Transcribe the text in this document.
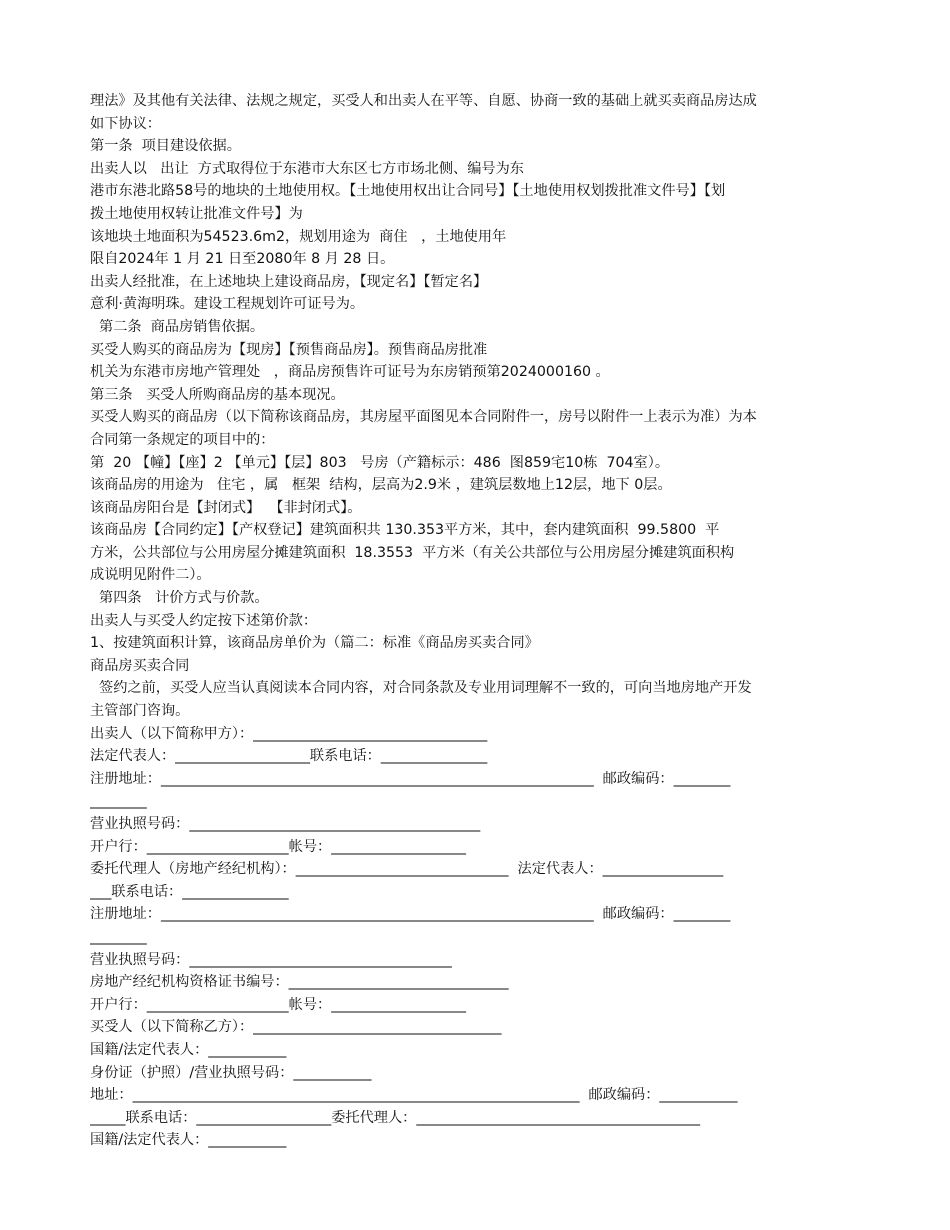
理法》及其他有关法律、法规之规定，买受人和出卖人在平等、自愿、协商一致的基础上就买卖商品房达成
如下协议：
第一条  项目建设依据。
出卖人以   出让  方式取得位于东港市大东区七方市场北侧、编号为东
港市东港北路58号的地块的土地使用权。【土地使用权出让合同号】【土地使用权划拨批准文件号】【划
拨土地使用权转让批准文件号】为
该地块土地面积为54523.6m2，规划用途为  商住   ，土地使用年
限自2024年 1 月 21 日至2080年 8 月 28 日。
出卖人经批准，在上述地块上建设商品房，【现定名】【暂定名】
意利·黄海明珠。建设工程规划许可证号为。
第二条  商品房销售依据。
买受人购买的商品房为【现房】【预售商品房】。预售商品房批准
机关为东港市房地产管理处   ，商品房预售许可证号为东房销预第2024000160 。
第三条   买受人所购商品房的基本现况。
买受人购买的商品房（以下简称该商品房，其房屋平面图见本合同附件一，房号以附件一上表示为准）为本
合同第一条规定的项目中的：
第  20 【幢】【座】2 【单元】【层】803   号房（产籍标示：486  图859宅10栋  704室）。
该商品房的用途为   住宅 ，属   框架  结构，层高为2.9米 ，建筑层数地上12层，地下 0层。
该商品房阳台是【封闭式】  【非封闭式】。
该商品房【合同约定】【产权登记】建筑面积共 130.353平方米，其中，套内建筑面积  99.5800  平
方米，公共部位与公用房屋分摊建筑面积  18.3553  平方米（有关公共部位与公用房屋分摊建筑面积构
成说明见附件二）。
第四条   计价方式与价款。
出卖人与买受人约定按下述第价款：
1、按建筑面积计算，该商品房单价为（篇二：标准《商品房买卖合同》
商品房买卖合同
签约之前，买受人应当认真阅读本合同内容，对合同条款及专业用词理解不一致的，可向当地房地产开发
主管部门咨询。
出卖人（以下简称甲方）：_________________________________
法定代表人：___________________联系电话：_______________
注册地址：_____________________________________________________________  邮政编码：________
________
营业执照号码：_________________________________________
开户行：____________________帐号：___________________
委托代理人（房地产经纪机构）：______________________________  法定代表人：_________________
___联系电话：_______________
注册地址：_____________________________________________________________  邮政编码：________
________
营业执照号码：_____________________________________
房地产经纪机构资格证书编号：_______________________________
开户行：____________________帐号：___________________
买受人（以下简称乙方）：___________________________________
国籍/法定代表人：___________
身份证（护照）/营业执照号码：___________
地址：_______________________________________________________________  邮政编码：___________
_____联系电话：___________________委托代理人：________________________________________
国籍/法定代表人：___________
